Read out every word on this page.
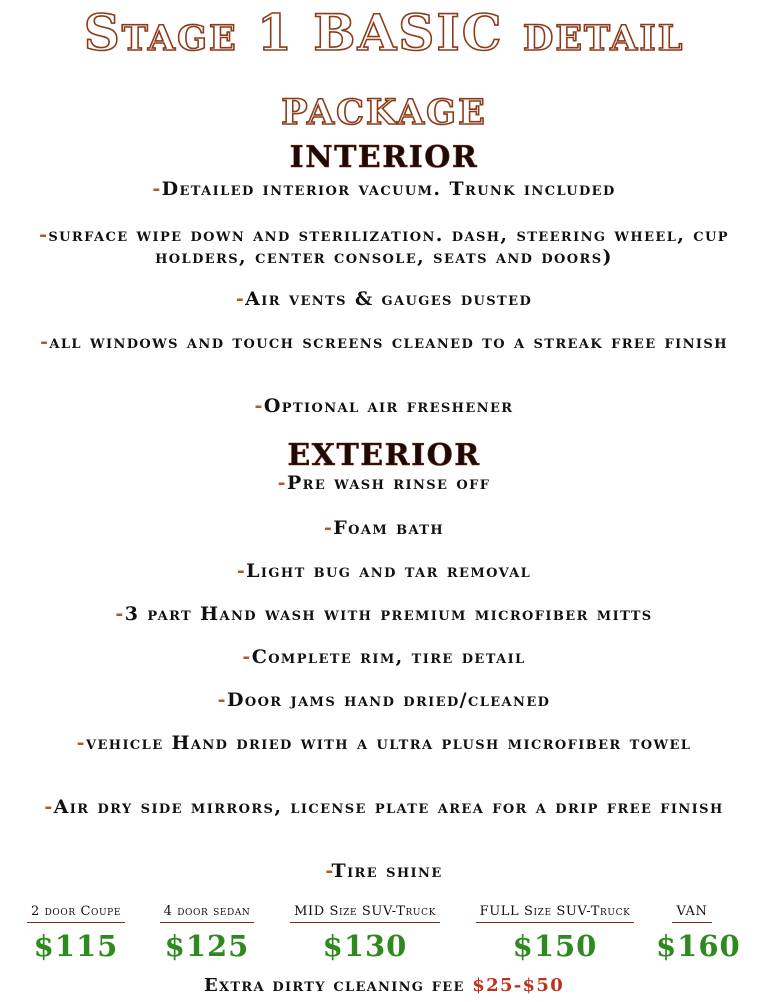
Stage 1 BASIC detail
package
INTERIOR

-Detailed interior vacuum. Trunk included

-surface wipe down and sterilization. dash, steering wheel, cup holders, center console, seats and doors)

-Air vents & gauges dusted

-all windows and touch screens cleaned to a streak free finish

-Optional air freshener

EXTERIOR

-Pre wash rinse off

-Foam bath

-Light bug and tar removal

-3 part Hand wash with premium microfiber mitts

-Complete rim, tire detail

-Door jams hand dried/cleaned

-vehicle Hand dried with a ultra plush microfiber towel

-Air dry side mirrors, license plate area for a drip free finish

-Tire shine

2 door Coupe
$115
4 door sedan
$125
MID Size SUV-Truck
$130
FULL Size SUV-Truck
$150
VAN
$160

Extra dirty cleaning fee $25-$50
